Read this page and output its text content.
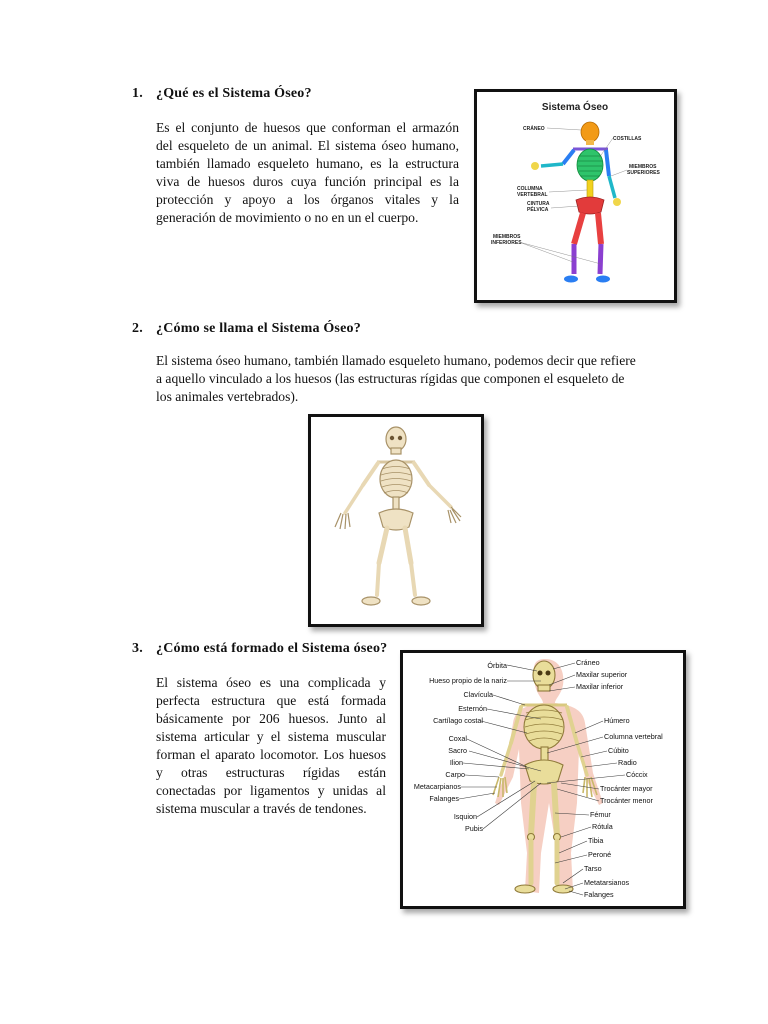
1. ¿Qué es el Sistema Óseo?
Es el conjunto de huesos que conforman el armazón del esqueleto de un animal. El sistema óseo humano, también llamado esqueleto humano, es la estructura viva de huesos duros cuya función principal es la protección y apoyo a los órganos vitales y la generación de movimiento o no en un el cuerpo.
Sistema Óseo
CRÁNEO
COSTILLAS
MIEMBROS
SUPERIORES
COLUMNA
VERTEBRAL
CINTURA
PÉLVICA
MIEMBROS
INFERIORES
2. ¿Cómo se llama el Sistema Óseo?
El sistema óseo humano, también llamado esqueleto humano, podemos decir que refiere a aquello vinculado a los huesos (las estructuras rígidas que componen el esqueleto de los animales vertebrados).
3. ¿Cómo está formado el Sistema óseo?
El sistema óseo es una complicada y perfecta estructura que está formada básicamente por 206 huesos. Junto al sistema articular y el sistema muscular forman el aparato locomotor. Los huesos y otras estructuras rígidas están conectadas por ligamentos y unidas al sistema muscular a través de tendones.
Órbita
Hueso propio de la nariz
Clavícula
Esternón
Cartílago costal
Coxal
Sacro
Ilion
Carpo
Metacarpianos
Falanges
Isquion
Pubis
Cráneo
Maxilar superior
Maxilar inferior
Húmero
Columna vertebral
Cúbito
Radio
Cóccix
Trocánter mayor
Trocánter menor
Fémur
Rótula
Tibia
Peroné
Tarso
Metatarsianos
Falanges
